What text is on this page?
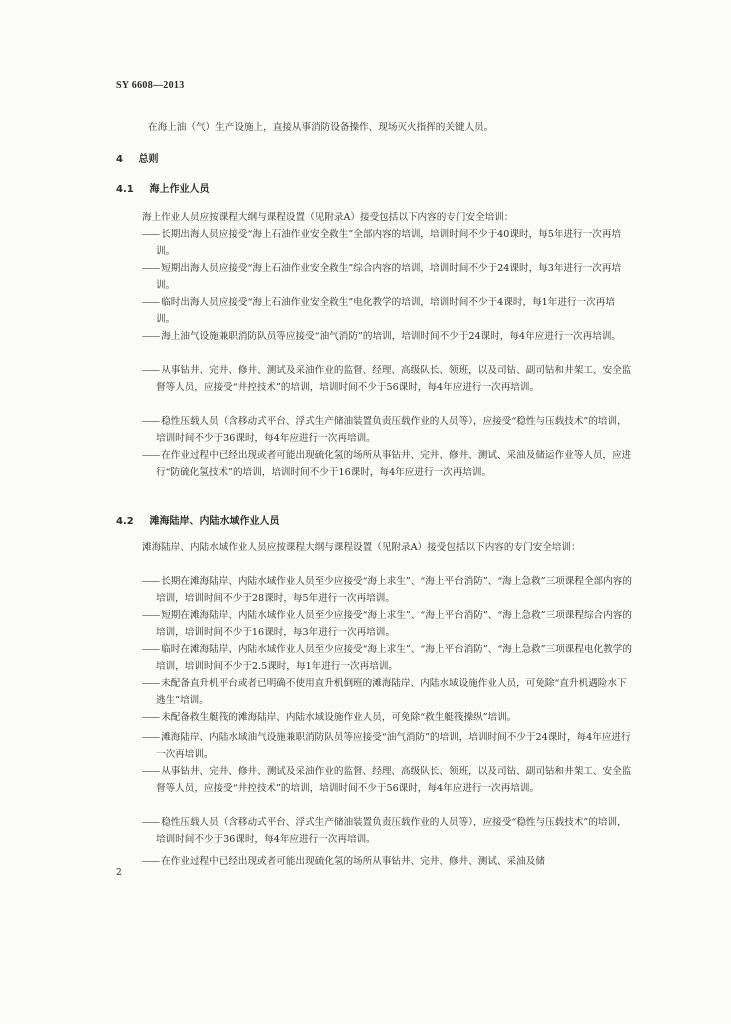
SY 6608—2013
在海上油（气）生产设施上，直接从事消防设备操作、现场灭火指挥的关键人员。
4 总则
4.1 海上作业人员
海上作业人员应按课程大纲与课程设置（见附录A）接受包括以下内容的专门安全培训：
—— 长期出海人员应接受“海上石油作业安全救生”全部内容的培训，培训时间不少于40课时，每5年进行一次再培训。
—— 短期出海人员应接受“海上石油作业安全救生”综合内容的培训，培训时间不少于24课时，每3年进行一次再培训。
—— 临时出海人员应接受“海上石油作业安全救生”电化教学的培训，培训时间不少于4课时，每1年进行一次再培训。
—— 海上油气设施兼职消防队员等应接受“油气消防”的培训，培训时间不少于24课时，每4年应进行一次再培训。
—— 从事钻井、完井、修井、测试及采油作业的监督、经理、高级队长、领班，以及司钻、副司钻和井架工、安全监督等人员，应接受“井控技术”的培训，培训时间不少于56课时，每4年应进行一次再培训。
—— 稳性压载人员（含移动式平台、浮式生产储油装置负责压载作业的人员等），应接受“稳性与压载技术”的培训，培训时间不少于36课时，每4年应进行一次再培训。
—— 在作业过程中已经出现或者可能出现硫化氢的场所从事钻井、完井、修井、测试、采油及储运作业等人员，应进行“防硫化氢技术”的培训，培训时间不少于16课时，每4年应进行一次再培训。
4.2 滩海陆岸、内陆水域作业人员
滩海陆岸、内陆水域作业人员应按课程大纲与课程设置（见附录A）接受包括以下内容的专门安全培训：
—— 长期在滩海陆岸、内陆水域作业人员至少应接受“海上求生”、“海上平台消防”、“海上急救”三项课程全部内容的培训，培训时间不少于28课时，每5年进行一次再培训。
—— 短期在滩海陆岸、内陆水域作业人员至少应接受“海上求生”、“海上平台消防”、“海上急救”三项课程综合内容的培训，培训时间不少于16课时，每3年进行一次再培训。
—— 临时在滩海陆岸、内陆水域作业人员至少应接受“海上求生”、“海上平台消防”、“海上急救”三项课程电化教学的培训，培训时间不少于2.5课时，每1年进行一次再培训。
—— 未配备直升机平台或者已明确不使用直升机倒班的滩海陆岸、内陆水域设施作业人员，可免除“直升机遇险水下逃生”培训。
—— 未配备救生艇筏的滩海陆岸、内陆水域设施作业人员，可免除“救生艇筏操纵”培训。
—— 滩海陆岸、内陆水域油气设施兼职消防队员等应接受“油气消防”的培训，培训时间不少于24课时，每4年应进行一次再培训。
—— 从事钻井、完井、修井、测试及采油作业的监督、经理、高级队长、领班，以及司钻、副司钻和井架工、安全监督等人员，应接受“井控技术”的培训，培训时间不少于56课时，每4年应进行一次再培训。
—— 稳性压载人员（含移动式平台、浮式生产储油装置负责压载作业的人员等），应接受“稳性与压载技术”的培训，培训时间不少于36课时，每4年应进行一次再培训。
—— 在作业过程中已经出现或者可能出现硫化氢的场所从事钻井、完井、修井、测试、采油及储
2
